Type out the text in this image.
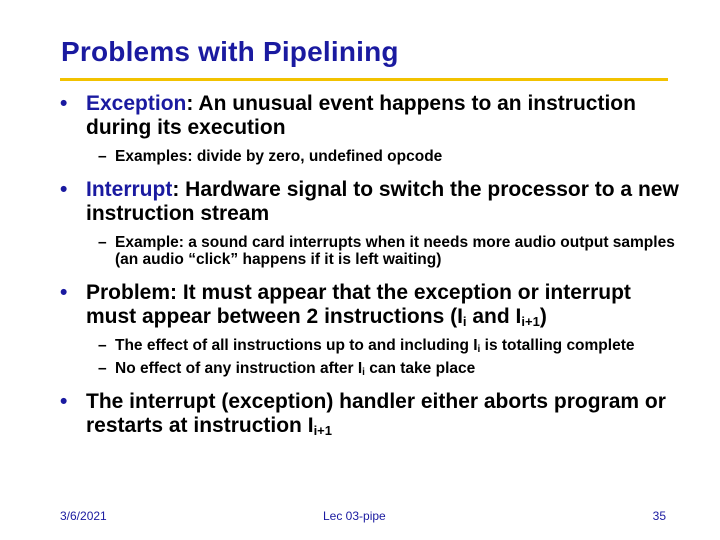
Problems with Pipelining
• Exception: An unusual event happens to an instruction during its execution
– Examples: divide by zero, undefined opcode
• Interrupt: Hardware signal to switch the processor to a new instruction stream
– Example: a sound card interrupts when it needs more audio output samples (an audio “click” happens if it is left waiting)
• Problem: It must appear that the exception or interrupt must appear between 2 instructions ($I_i$ and $I_{i+1}$)
– The effect of all instructions up to and including Ii is totalling complete
– No effect of any instruction after Ii can take place
• The interrupt (exception) handler either aborts program or restarts at instruction $I_{i+1}$
3/6/2021	Lec 03-pipe	35
